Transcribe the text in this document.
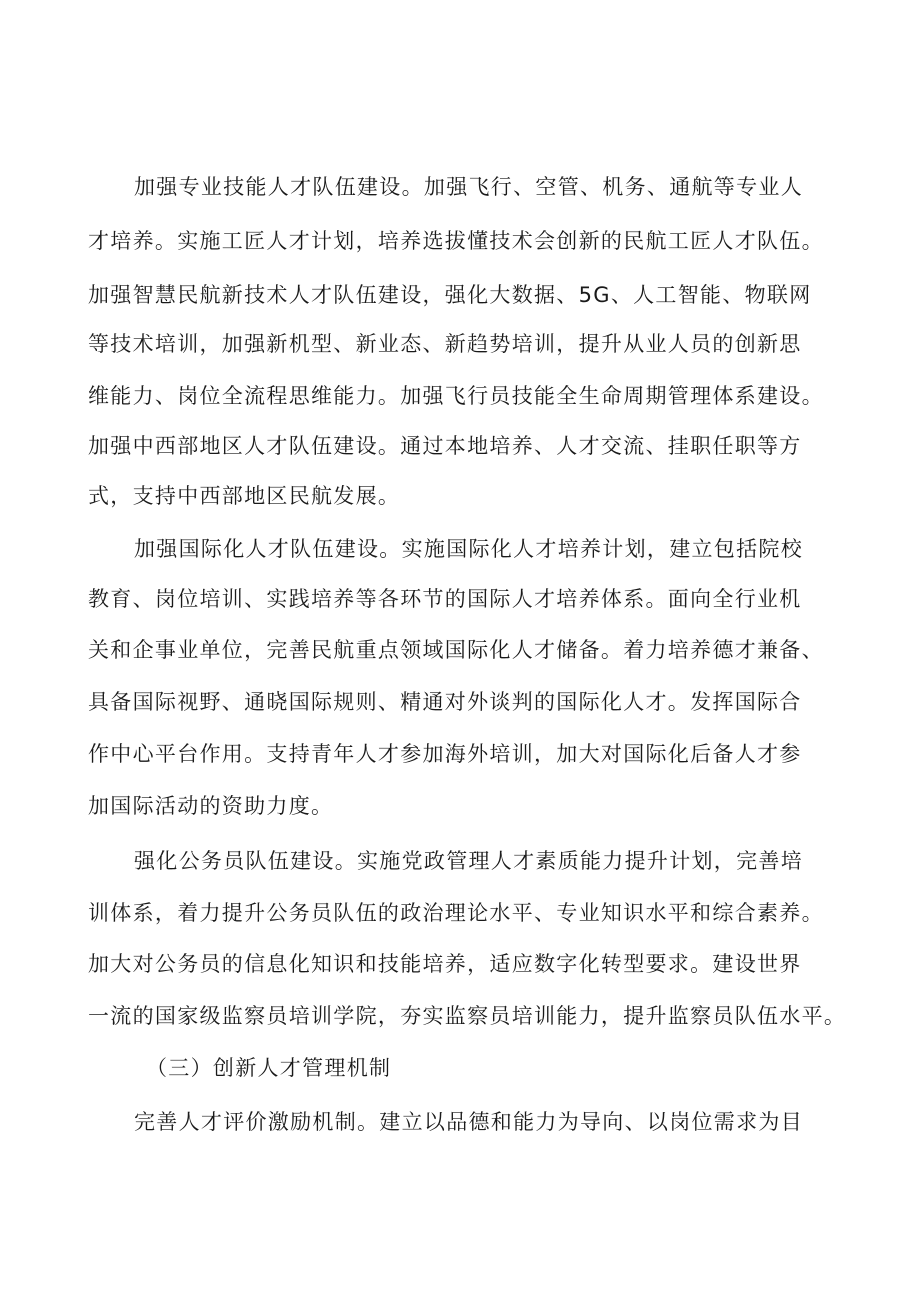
加强专业技能人才队伍建设。加强飞行、空管、机务、通航等专业人
才培养。实施工匠人才计划，培养选拔懂技术会创新的民航工匠人才队伍。
加强智慧民航新技术人才队伍建设，强化大数据、5G、人工智能、物联网
等技术培训，加强新机型、新业态、新趋势培训，提升从业人员的创新思
维能力、岗位全流程思维能力。加强飞行员技能全生命周期管理体系建设。
加强中西部地区人才队伍建设。通过本地培养、人才交流、挂职任职等方
式，支持中西部地区民航发展。
加强国际化人才队伍建设。实施国际化人才培养计划，建立包括院校
教育、岗位培训、实践培养等各环节的国际人才培养体系。面向全行业机
关和企事业单位，完善民航重点领域国际化人才储备。着力培养德才兼备、
具备国际视野、通晓国际规则、精通对外谈判的国际化人才。发挥国际合
作中心平台作用。支持青年人才参加海外培训，加大对国际化后备人才参
加国际活动的资助力度。
强化公务员队伍建设。实施党政管理人才素质能力提升计划，完善培
训体系，着力提升公务员队伍的政治理论水平、专业知识水平和综合素养。
加大对公务员的信息化知识和技能培养，适应数字化转型要求。建设世界
一流的国家级监察员培训学院，夯实监察员培训能力，提升监察员队伍水平。
（三）创新人才管理机制
完善人才评价激励机制。建立以品德和能力为导向、以岗位需求为目
